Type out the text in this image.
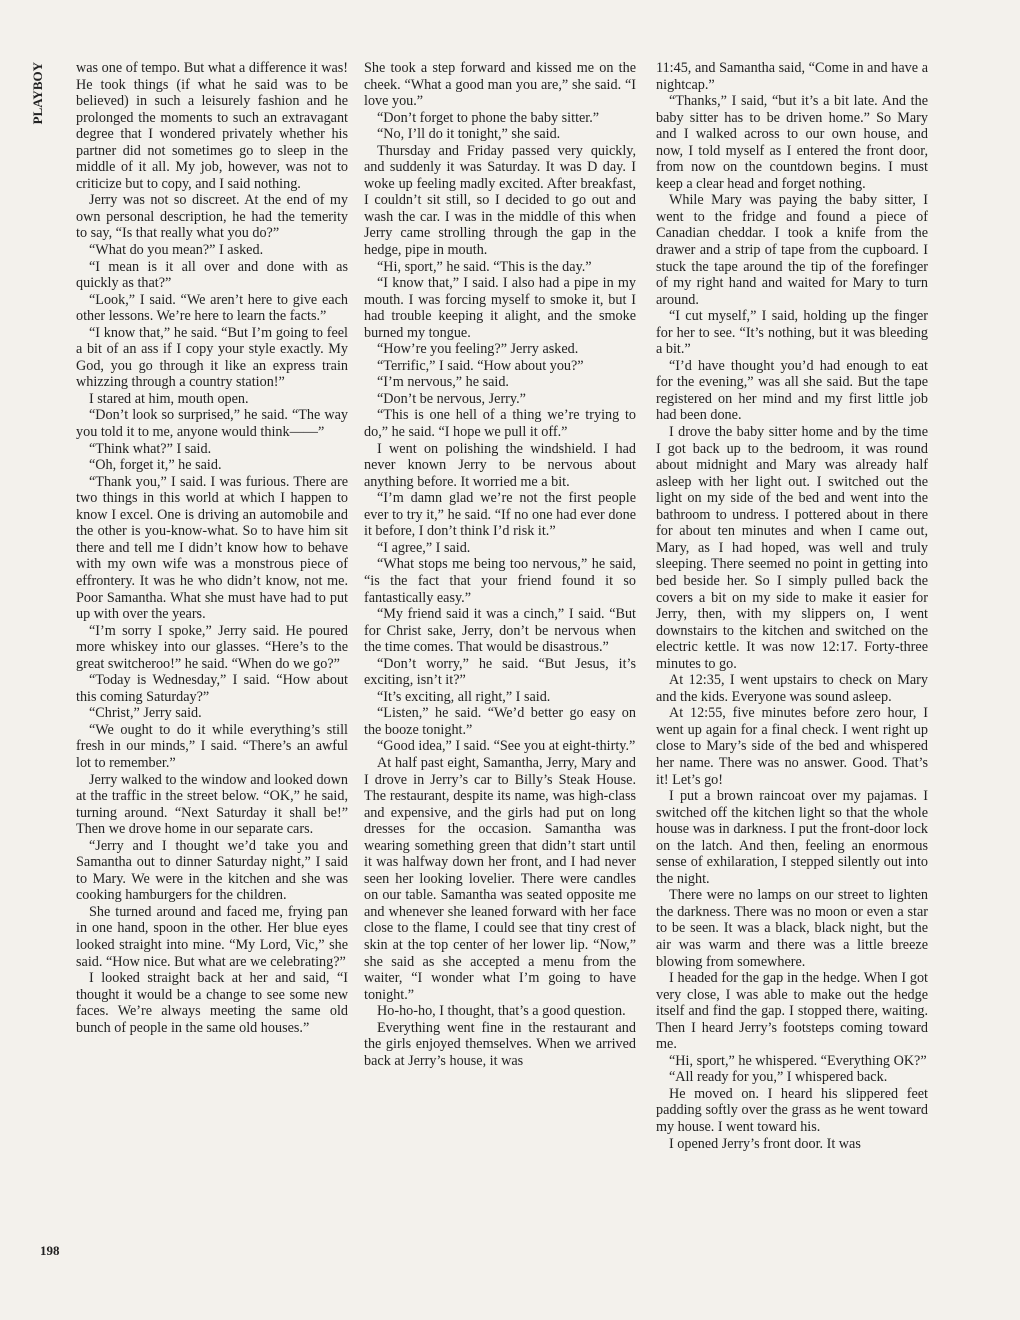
PLAYBOY	was one of tempo. But what a difference it was! He took things (if what he said was to be believed) in such a leisurely fashion and he prolonged the moments to such an extravagant degree that I wondered privately whether his partner did not sometimes go to sleep in the middle of it all. My job, however, was not to criticize but to copy, and I said nothing.

Jerry was not so discreet. At the end of my own personal description, he had the temerity to say, “Is that really what you do?”

“What do you mean?” I asked.

“I mean is it all over and done with as quickly as that?”

“Look,” I said. “We aren’t here to give each other lessons. We’re here to learn the facts.”

“I know that,” he said. “But I’m going to feel a bit of an ass if I copy your style exactly. My God, you go through it like an express train whizzing through a country station!”

I stared at him, mouth open.

“Don’t look so surprised,” he said. “The way you told it to me, anyone would think——”

“Think what?” I said.

“Oh, forget it,” he said.

“Thank you,” I said. I was furious. There are two things in this world at which I happen to know I excel. One is driving an automobile and the other is you-know-what. So to have him sit there and tell me I didn’t know how to behave with my own wife was a monstrous piece of effrontery. It was he who didn’t know, not me. Poor Samantha. What she must have had to put up with over the years.

“I’m sorry I spoke,” Jerry said. He poured more whiskey into our glasses. “Here’s to the great switcheroo!” he said. “When do we go?”

“Today is Wednesday,” I said. “How about this coming Saturday?”

“Christ,” Jerry said.

“We ought to do it while everything’s still fresh in our minds,” I said. “There’s an awful lot to remember.”

Jerry walked to the window and looked down at the traffic in the street below. “OK,” he said, turning around. “Next Saturday it shall be!” Then we drove home in our separate cars.

“Jerry and I thought we’d take you and Samantha out to dinner Saturday night,” I said to Mary. We were in the kitchen and she was cooking hamburgers for the children.

She turned around and faced me, frying pan in one hand, spoon in the other. Her blue eyes looked straight into mine. “My Lord, Vic,” she said. “How nice. But what are we celebrating?”

I looked straight back at her and said, “I thought it would be a change to see some new faces. We’re always meeting the same old bunch of people in the same old houses.”

She took a step forward and kissed me on the cheek. “What a good man you are,” she said. “I love you.”

“Don’t forget to phone the baby sitter.”

“No, I’ll do it tonight,” she said.

Thursday and Friday passed very quickly, and suddenly it was Saturday. It was D day. I woke up feeling madly excited. After breakfast, I couldn’t sit still, so I decided to go out and wash the car. I was in the middle of this when Jerry came strolling through the gap in the hedge, pipe in mouth.

“Hi, sport,” he said. “This is the day.”

“I know that,” I said. I also had a pipe in my mouth. I was forcing myself to smoke it, but I had trouble keeping it alight, and the smoke burned my tongue.

“How’re you feeling?” Jerry asked.

“Terrific,” I said. “How about you?”

“I’m nervous,” he said.

“Don’t be nervous, Jerry.”

“This is one hell of a thing we’re trying to do,” he said. “I hope we pull it off.”

I went on polishing the windshield. I had never known Jerry to be nervous about anything before. It worried me a bit.

“I’m damn glad we’re not the first people ever to try it,” he said. “If no one had ever done it before, I don’t think I’d risk it.”

“I agree,” I said.

“What stops me being too nervous,” he said, “is the fact that your friend found it so fantastically easy.”

“My friend said it was a cinch,” I said. “But for Christ sake, Jerry, don’t be nervous when the time comes. That would be disastrous.”

“Don’t worry,” he said. “But Jesus, it’s exciting, isn’t it?”

“It’s exciting, all right,” I said.

“Listen,” he said. “We’d better go easy on the booze tonight.”

“Good idea,” I said. “See you at eight-thirty.”

At half past eight, Samantha, Jerry, Mary and I drove in Jerry’s car to Billy’s Steak House. The restaurant, despite its name, was high-class and expensive, and the girls had put on long dresses for the occasion. Samantha was wearing something green that didn’t start until it was halfway down her front, and I had never seen her looking lovelier. There were candles on our table. Samantha was seated opposite me and whenever she leaned forward with her face close to the flame, I could see that tiny crest of skin at the top center of her lower lip. “Now,” she said as she accepted a menu from the waiter, “I wonder what I’m going to have tonight.”

Ho-ho-ho, I thought, that’s a good question.

Everything went fine in the restaurant and the girls enjoyed themselves. When we arrived back at Jerry’s house, it was

11:45, and Samantha said, “Come in and have a nightcap.”

“Thanks,” I said, “but it’s a bit late. And the baby sitter has to be driven home.” So Mary and I walked across to our own house, and now, I told myself as I entered the front door, from now on the countdown begins. I must keep a clear head and forget nothing.

While Mary was paying the baby sitter, I went to the fridge and found a piece of Canadian cheddar. I took a knife from the drawer and a strip of tape from the cupboard. I stuck the tape around the tip of the forefinger of my right hand and waited for Mary to turn around.

“I cut myself,” I said, holding up the finger for her to see. “It’s nothing, but it was bleeding a bit.”

“I’d have thought you’d had enough to eat for the evening,” was all she said. But the tape registered on her mind and my first little job had been done.

I drove the baby sitter home and by the time I got back up to the bedroom, it was round about midnight and Mary was already half asleep with her light out. I switched out the light on my side of the bed and went into the bathroom to undress. I pottered about in there for about ten minutes and when I came out, Mary, as I had hoped, was well and truly sleeping. There seemed no point in getting into bed beside her. So I simply pulled back the covers a bit on my side to make it easier for Jerry, then, with my slippers on, I went downstairs to the kitchen and switched on the electric kettle. It was now 12:17. Forty-three minutes to go.

At 12:35, I went upstairs to check on Mary and the kids. Everyone was sound asleep.

At 12:55, five minutes before zero hour, I went up again for a final check. I went right up close to Mary’s side of the bed and whispered her name. There was no answer. Good. That’s it! Let’s go!

I put a brown raincoat over my pajamas. I switched off the kitchen light so that the whole house was in darkness. I put the front-door lock on the latch. And then, feeling an enormous sense of exhilaration, I stepped silently out into the night.

There were no lamps on our street to lighten the darkness. There was no moon or even a star to be seen. It was a black, black night, but the air was warm and there was a little breeze blowing from somewhere.

I headed for the gap in the hedge. When I got very close, I was able to make out the hedge itself and find the gap. I stopped there, waiting. Then I heard Jerry’s footsteps coming toward me.

“Hi, sport,” he whispered. “Everything OK?”

“All ready for you,” I whispered back.

He moved on. I heard his slippered feet padding softly over the grass as he went toward my house. I went toward his.

I opened Jerry’s front door. It was

198
